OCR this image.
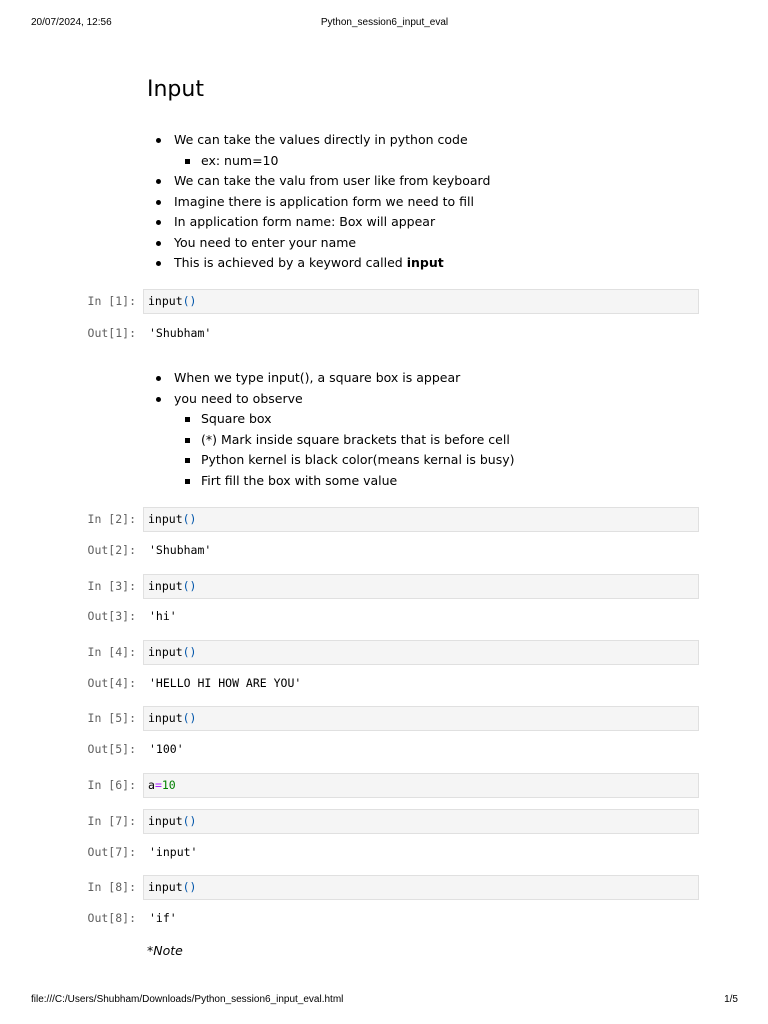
20/07/2024, 12:56	Python_session6_input_eval
Input
We can take the values directly in python code
ex: num=10
We can take the valu from user like from keyboard
Imagine there is application form we need to fill
In application form name: Box will appear
You need to enter your name
This is achieved by a keyword called input
In [1]:	input()
Out[1]: 'Shubham'
When we type input(), a square box is appear
you need to observe
Square box
(*) Mark inside square brackets that is before cell
Python kernel is black color(means kernal is busy)
Firt fill the box with some value
In [2]:	input()
Out[2]: 'Shubham'
In [3]:	input()
Out[3]: 'hi'
In [4]:	input()
Out[4]: 'HELLO HI HOW ARE YOU'
In [5]:	input()
Out[5]: '100'
In [6]:	a=10
In [7]:	input()
Out[7]: 'input'
In [8]:	input()
Out[8]: 'if'
*Note
file:///C:/Users/Shubham/Downloads/Python_session6_input_eval.html	1/5
